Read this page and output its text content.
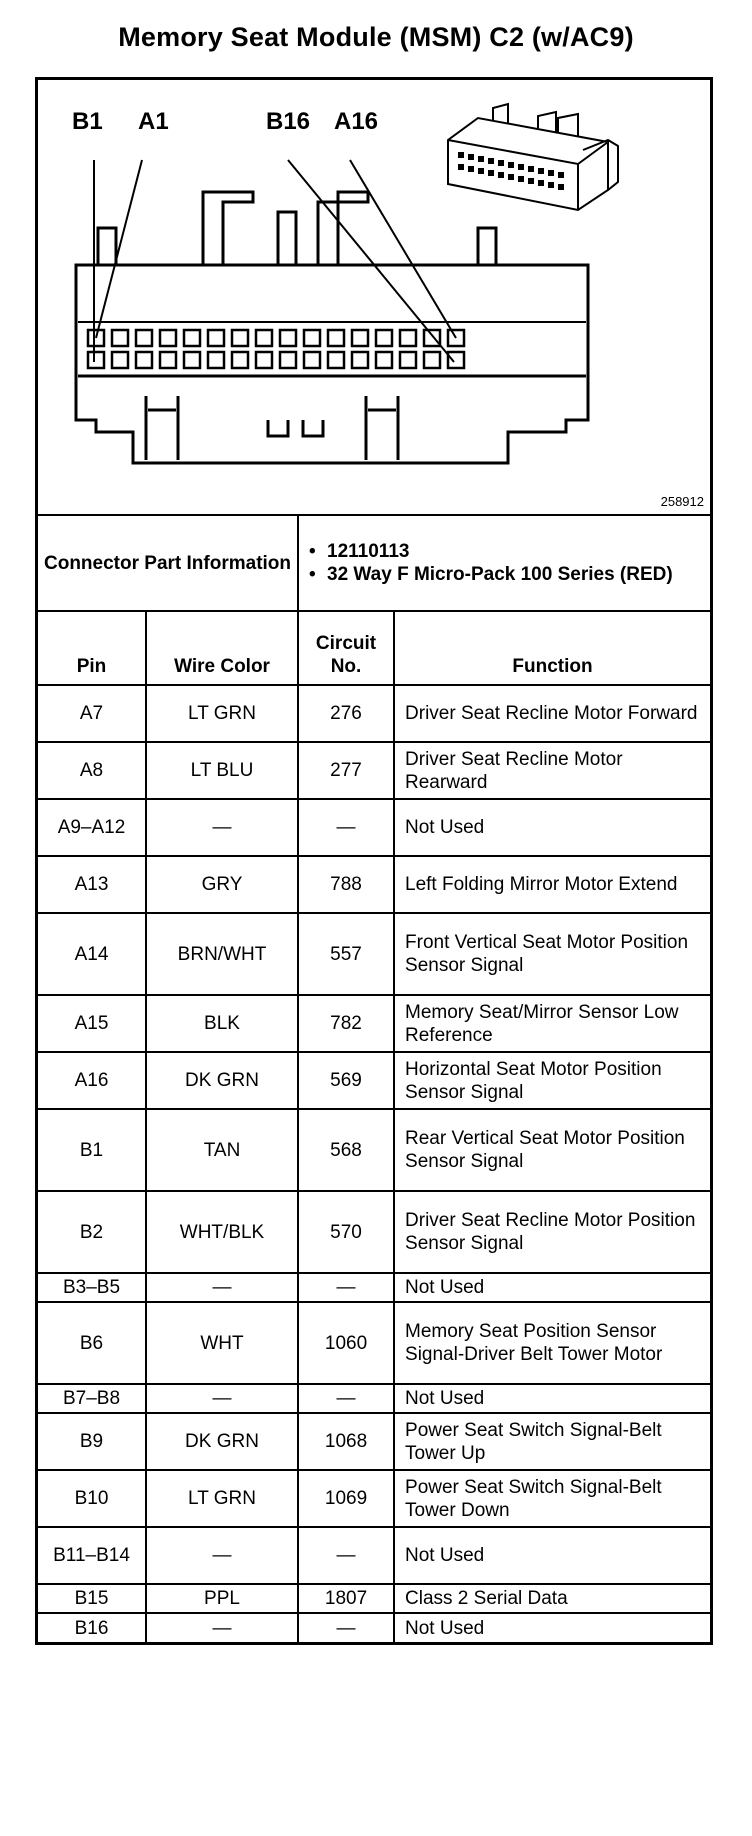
Memory Seat Module (MSM) C2 (w/AC9)
B1 A1	B16 A16
258912
Connector Part Information		• 12110113
• 32 Way F Micro-Pack 100 Series (RED)	

Pin	Wire Color	Circuit No.	Function
A7	LT GRN	276	Driver Seat Recline Motor Forward
A8	LT BLU	277	Driver Seat Recline Motor Rearward
A9–A12	—	—	Not Used
A13	GRY	788	Left Folding Mirror Motor Extend
A14	BRN/WHT	557	Front Vertical Seat Motor Position Sensor Signal
A15	BLK	782	Memory Seat/Mirror Sensor Low Reference
A16	DK GRN	569	Horizontal Seat Motor Position Sensor Signal
B1	TAN	568	Rear Vertical Seat Motor Position Sensor Signal
B2	WHT/BLK	570	Driver Seat Recline Motor Position Sensor Signal
B3–B5	—	—	Not Used
B6	WHT	1060	Memory Seat Position Sensor Signal-Driver Belt Tower Motor
B7–B8	—	—	Not Used
B9	DK GRN	1068	Power Seat Switch Signal-Belt Tower Up
B10	LT GRN	1069	Power Seat Switch Signal-Belt Tower Down
B11–B14	—	—	Not Used
B15	PPL	1807	Class 2 Serial Data
B16	—	—	Not Used
